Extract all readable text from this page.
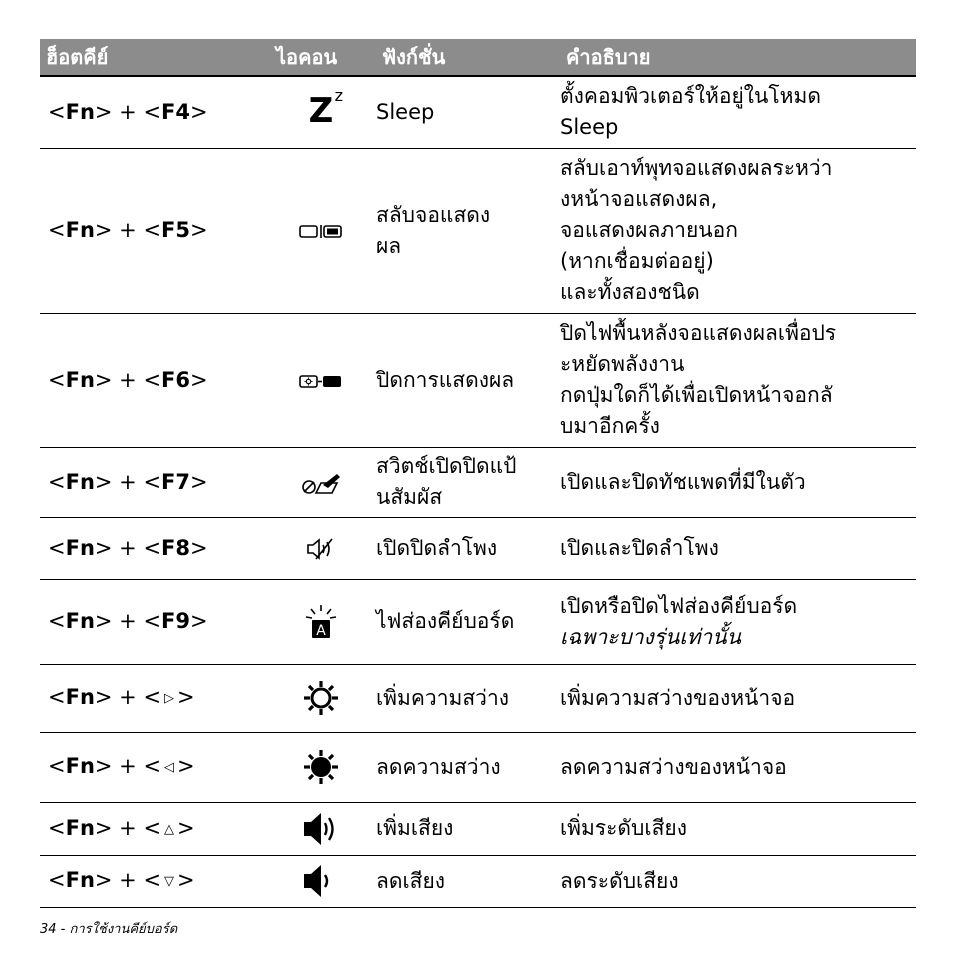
ฮ็อตคีย์	ไอคอน	ฟังก์ชั่น	คำอธิบาย
<Fn> + <F4>	Z z	Sleep	ตั้งคอมพิวเตอร์ให้อยู่ในโหมด
Sleep

<Fn> + <F5>		สลับจอแสดง
ผล	สลับเอาท์พุทจอแสดงผลระหว่า
งหน้าจอแสดงผล,
จอแสดงผลภายนอก
(หากเชื่อมต่ออยู่)
และทั้งสองชนิด

<Fn> + <F6>		ปิดการแสดงผล	ปิดไฟพื้นหลังจอแสดงผลเพื่อปร
ะหยัดพลังงาน
กดปุ่มใดก็ได้เพื่อเปิดหน้าจอกลั
บมาอีกครั้ง

<Fn> + <F7>		สวิตช์เปิดปิดแป้
นสัมผัส	เปิดและปิดทัชแพดที่มีในตัว

<Fn> + <F8>		เปิดปิดลำโพง	เปิดและปิดลำโพง

<Fn> + <F9>	A	ไฟส่องคีย์บอร์ด	เปิดหรือปิดไฟส่องคีย์บอร์ด
เฉพาะบางรุ่นเท่านั้น

<Fn> + < ▷ >		เพิ่มความสว่าง	เพิ่มความสว่างของหน้าจอ

<Fn> + < ◁ >		ลดความสว่าง	ลดความสว่างของหน้าจอ

<Fn> + < △ >		เพิ่มเสียง	เพิ่มระดับเสียง

<Fn> + < ▽ >		ลดเสียง	ลดระดับเสียง
34 - การใช้งานคีย์บอร์ด
